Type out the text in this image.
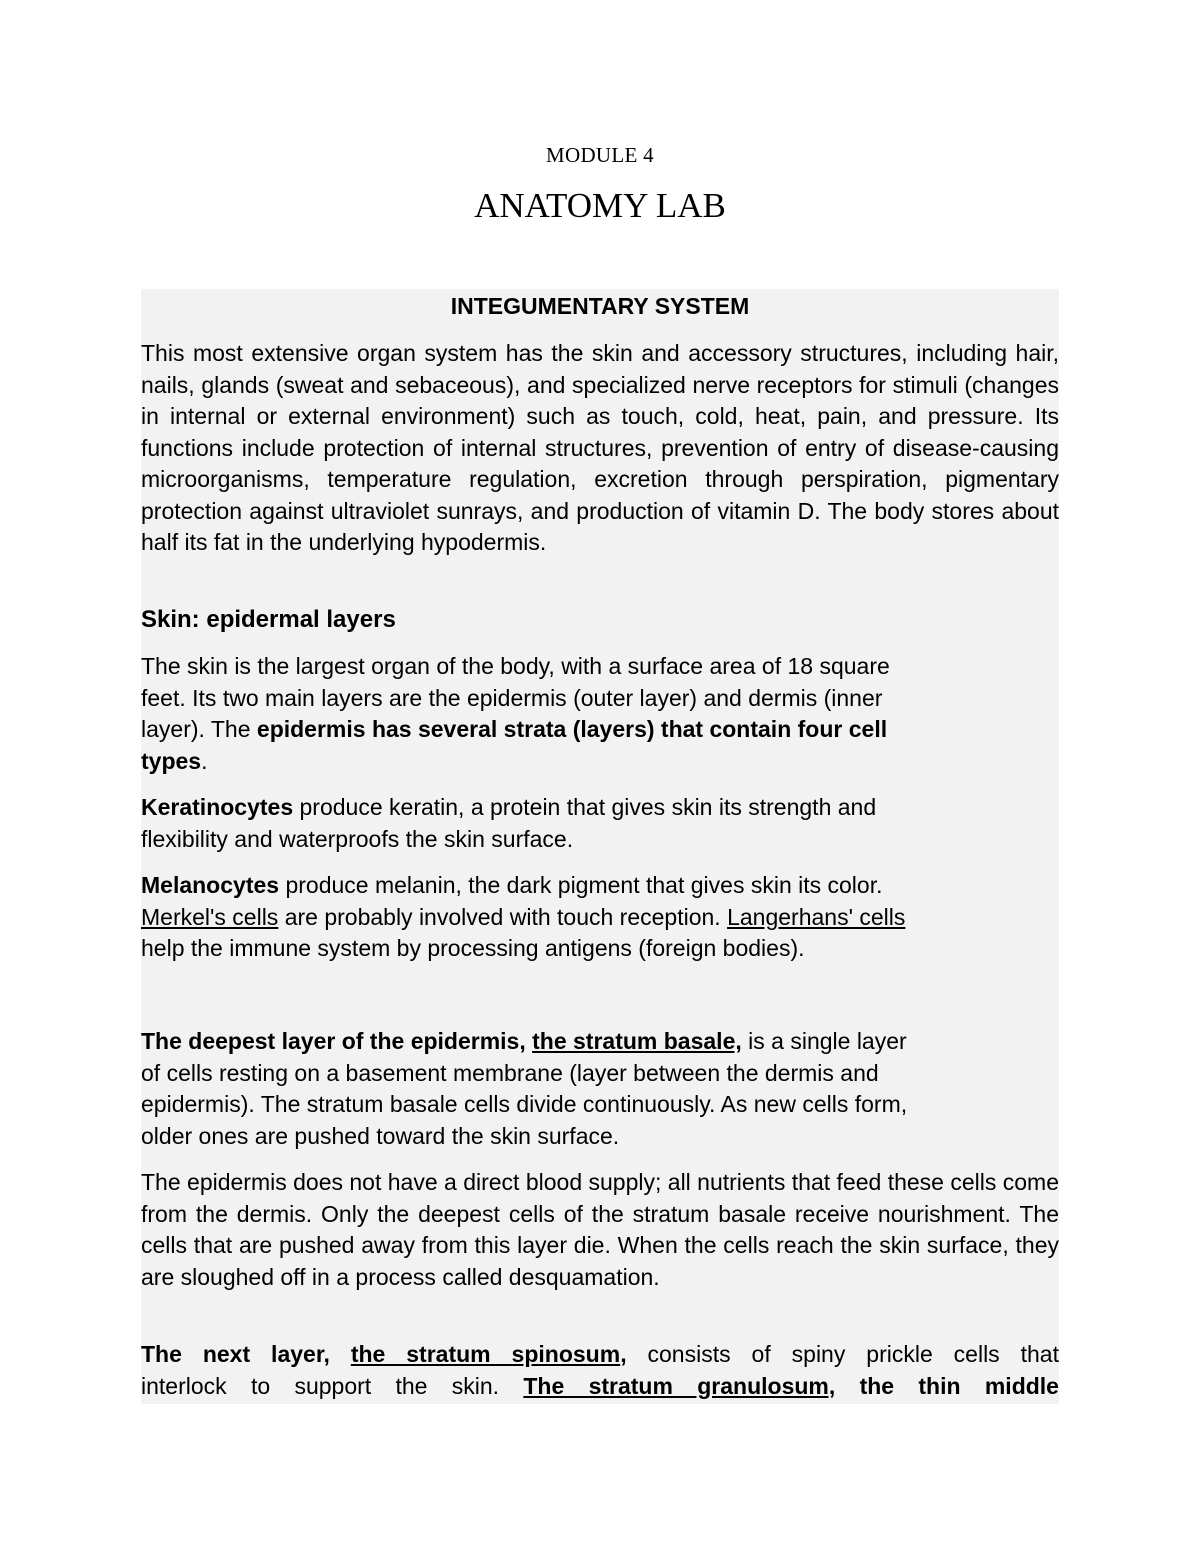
MODULE 4
ANATOMY LAB

INTEGUMENTARY SYSTEM

This most extensive organ system has the skin and accessory structures, including hair, nails, glands (sweat and sebaceous), and specialized nerve receptors for stimuli (changes in internal or external environment) such as touch, cold, heat, pain, and pressure. Its functions include protection of internal structures, prevention of entry of disease-causing microorganisms, temperature regulation, excretion through perspiration, pigmentary protection against ultraviolet sunrays, and production of vitamin D. The body stores about half its fat in the underlying hypodermis.

Skin: epidermal layers

The skin is the largest organ of the body, with a surface area of 18 square
feet. Its two main layers are the epidermis (outer layer) and dermis (inner
layer). The epidermis has several strata (layers) that contain four cell
types.
Keratinocytes produce keratin, a protein that gives skin its strength and
flexibility and waterproofs the skin surface.
Melanocytes produce melanin, the dark pigment that gives skin its color.
Merkel's cells are probably involved with touch reception. Langerhans' cells
help the immune system by processing antigens (foreign bodies).
The deepest layer of the epidermis, the stratum basale, is a single layer
of cells resting on a basement membrane (layer between the dermis and
epidermis). The stratum basale cells divide continuously. As new cells form,
older ones are pushed toward the skin surface.

The epidermis does not have a direct blood supply; all nutrients that feed these cells come from the dermis. Only the deepest cells of the stratum basale receive nourishment. The cells that are pushed away from this layer die. When the cells reach the skin surface, they are sloughed off in a process called desquamation.

The next layer, the stratum spinosum, consists of spiny prickle cells that
interlock to support the skin. The stratum granulosum, the thin middle
